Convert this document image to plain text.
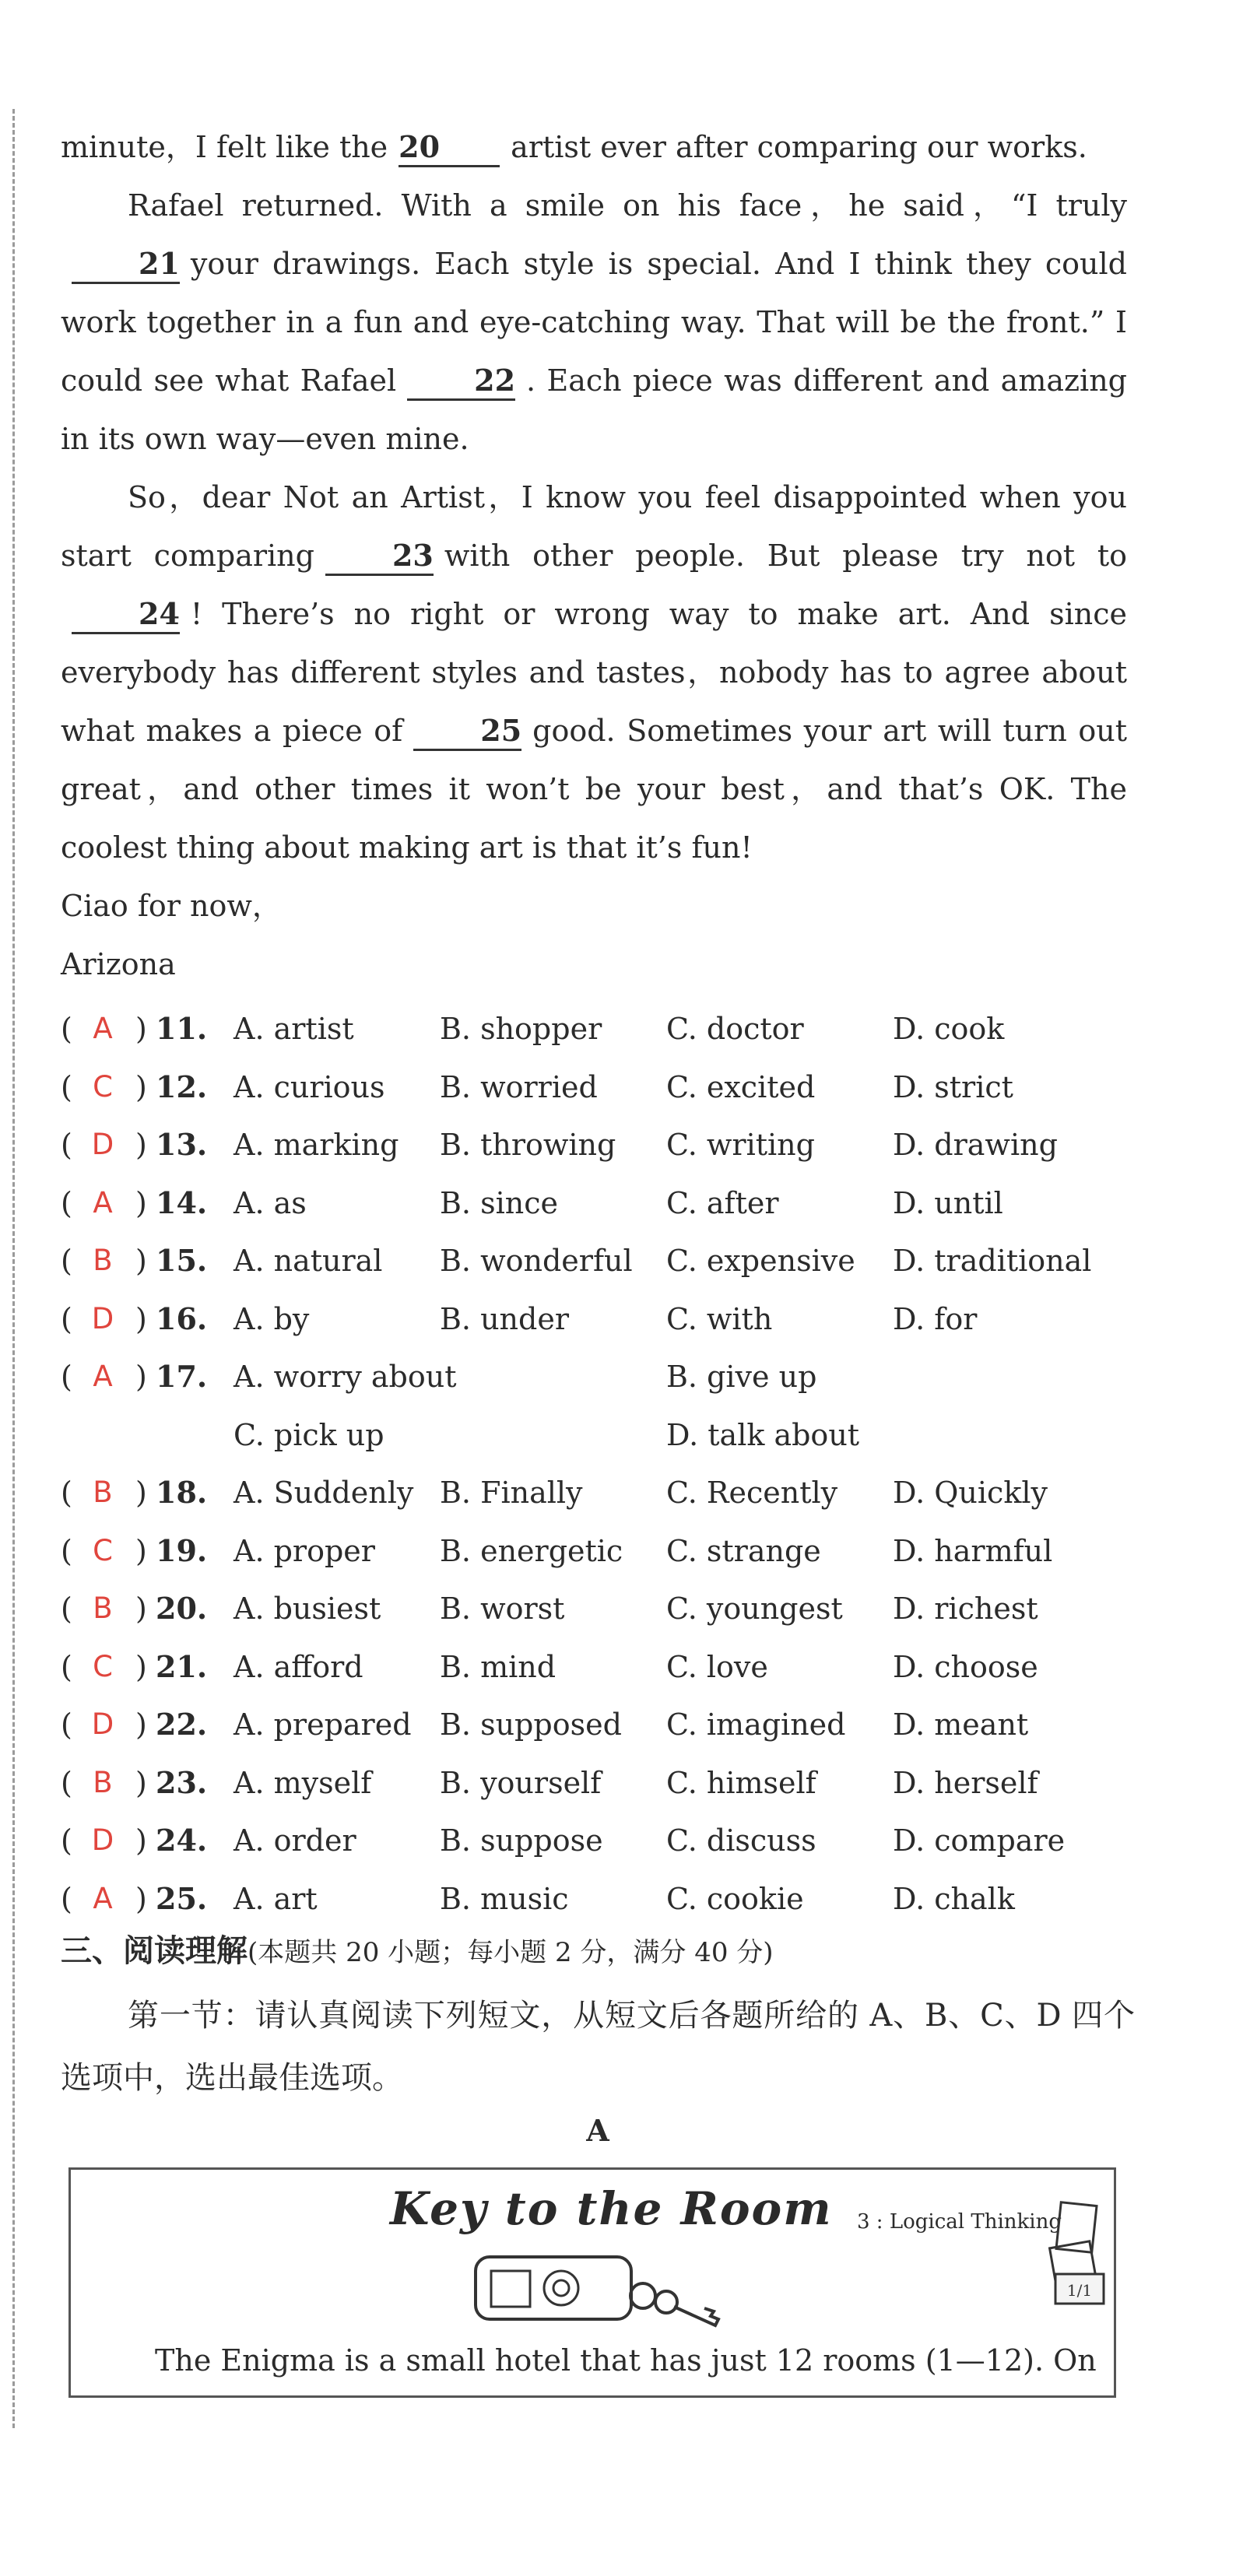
minute，I felt like the 20 artist ever after comparing our works.

Rafael returned. With a smile on his face，he said，“I truly21 your drawings. Each style is special. And I think they could work together in a fun and eye-catching way. That will be the front.” I could see what Rafael	22 . Each piece was different and amazing in its own way—even mine.

So，dear Not an Artist，I know you feel disappointed when you start comparing	23 with other people. But please try not to24 ! There’s no right or wrong way to make art. And since everybody has different styles and tastes，nobody has to agree about what makes a piece of	25 good. Sometimes your art will turn out great，and other times it won’t be your best，and that’s OK. The coolest thing about making art is that it’s fun!

Ciao for now，

Arizona

( A ) 11. A. artist	B. shopper C. doctor	D. cook
( C ) 12. A. curious B. worried C. excited	D. strict
( D ) 13. A. marking B. throwing C. writing	D. drawing
( A ) 14. A. as	B. since	C. after	D. until
( B ) 15. A. natural B. wonderful C. expensive D. traditional
( D ) 16. A. by	B. under	C. with	D. for
( A ) 17. A. worry about	B. give up
C. pick up	D. talk about
( B ) 18. A. Suddenly B. Finally	C. Recently D. Quickly
( C ) 19. A. proper B. energetic C. strange D. harmful
( B ) 20. A. busiest B. worst	C. youngest D. richest
( C ) 21. A. afford	B. mind	C. love	D. choose
( D ) 22. A. prepared B. supposed C. imagined D. meant
( B ) 23. A. myself B. yourself C. himself	D. herself
( D ) 24. A. order	B. suppose C. discuss	D. compare
( A ) 25. A. art	B. music	C. cookie	D. chalk
三、阅读理解(本题共 20 小题；每小题 2 分，满分 40 分)

第一节：请认真阅读下列短文，从短文后各题所给的 A、B、C、D 四个选项中，选出最佳选项。

A
Key to the Room 3 : Logical Thinking
1/1
The Enigma is a small hotel that has just 12 rooms (1—12). On
